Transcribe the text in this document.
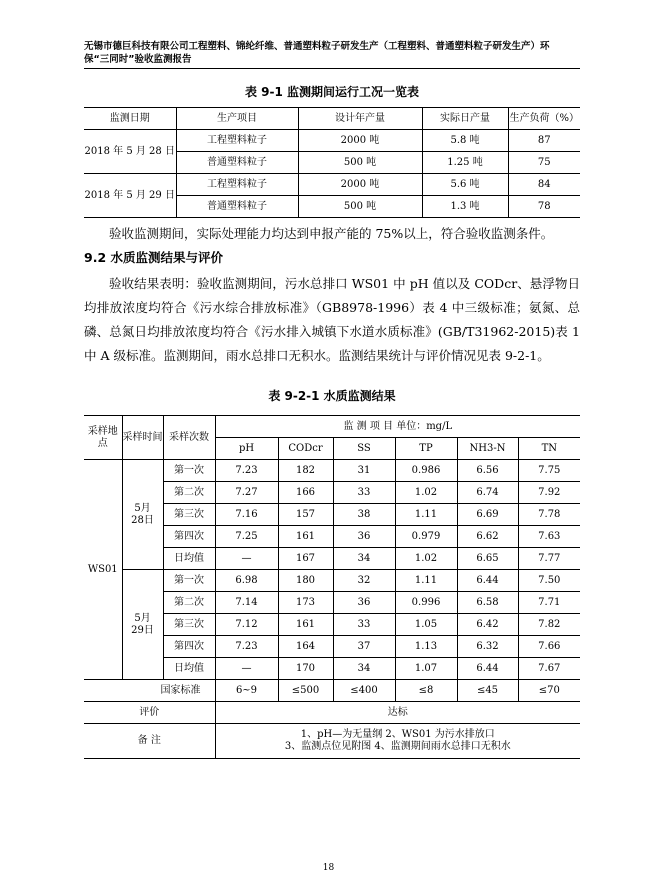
无锡市德巨科技有限公司工程塑料、锦纶纤维、普通塑料粒子研发生产（工程塑料、普通塑料粒子研发生产）环
保“三同时”验收监测报告
表 9-1 监测期间运行工况一览表
监测日期	生产项目	设计年产量	实际日产量	生产负荷（%）
2018 年 5 月 28 日	工程塑料粒子	2000 吨	5.8 吨	87
	普通塑料粒子	500 吨	1.25 吨	75
2018 年 5 月 29 日	工程塑料粒子	2000 吨	5.6 吨	84
	普通塑料粒子	500 吨	1.3 吨	78
验收监测期间，实际处理能力均达到申报产能的 75%以上，符合验收监测条件。
9.2 水质监测结果与评价
验收结果表明：验收监测期间，污水总排口 WS01 中 pH 值以及 CODcr、悬浮物日均排放浓度均符合《污水综合排放标准》（GB8978-1996）表 4 中三级标准；氨氮、总磷、总氮日均排放浓度均符合《污水排入城镇下水道水质标准》(GB/T31962-2015)表 1 中 A 级标准。监测期间，雨水总排口无积水。监测结果统计与评价情况见表 9-2-1。
表 9-2-1 水质监测结果
采样地点	采样时间	采样次数	监 测 项 目 单位：mg/L					
			pH	CODcr	SS	TP	NH3-N	TN
WS01	5月28日	第一次	7.23	182	31	0.986	6.56	7.75
		第二次	7.27	166	33	1.02	6.74	7.92
		第三次	7.16	157	38	1.11	6.69	7.78
		第四次	7.25	161	36	0.979	6.62	7.63
		日均值	—	167	34	1.02	6.65	7.77
	5月29日	第一次	6.98	180	32	1.11	6.44	7.50
		第二次	7.14	173	36	0.996	6.58	7.71
		第三次	7.12	161	33	1.05	6.42	7.82
		第四次	7.23	164	37	1.13	6.32	7.66
		日均值	—	170	34	1.07	6.44	7.67
国家标准			6~9	≤500	≤400	≤8	≤45	≤70
评价			达标					
备 注			1、pH—为无量纲 2、WS01 为污水排放口
3、监测点位见附图 4、监测期间雨水总排口无积水					
18
